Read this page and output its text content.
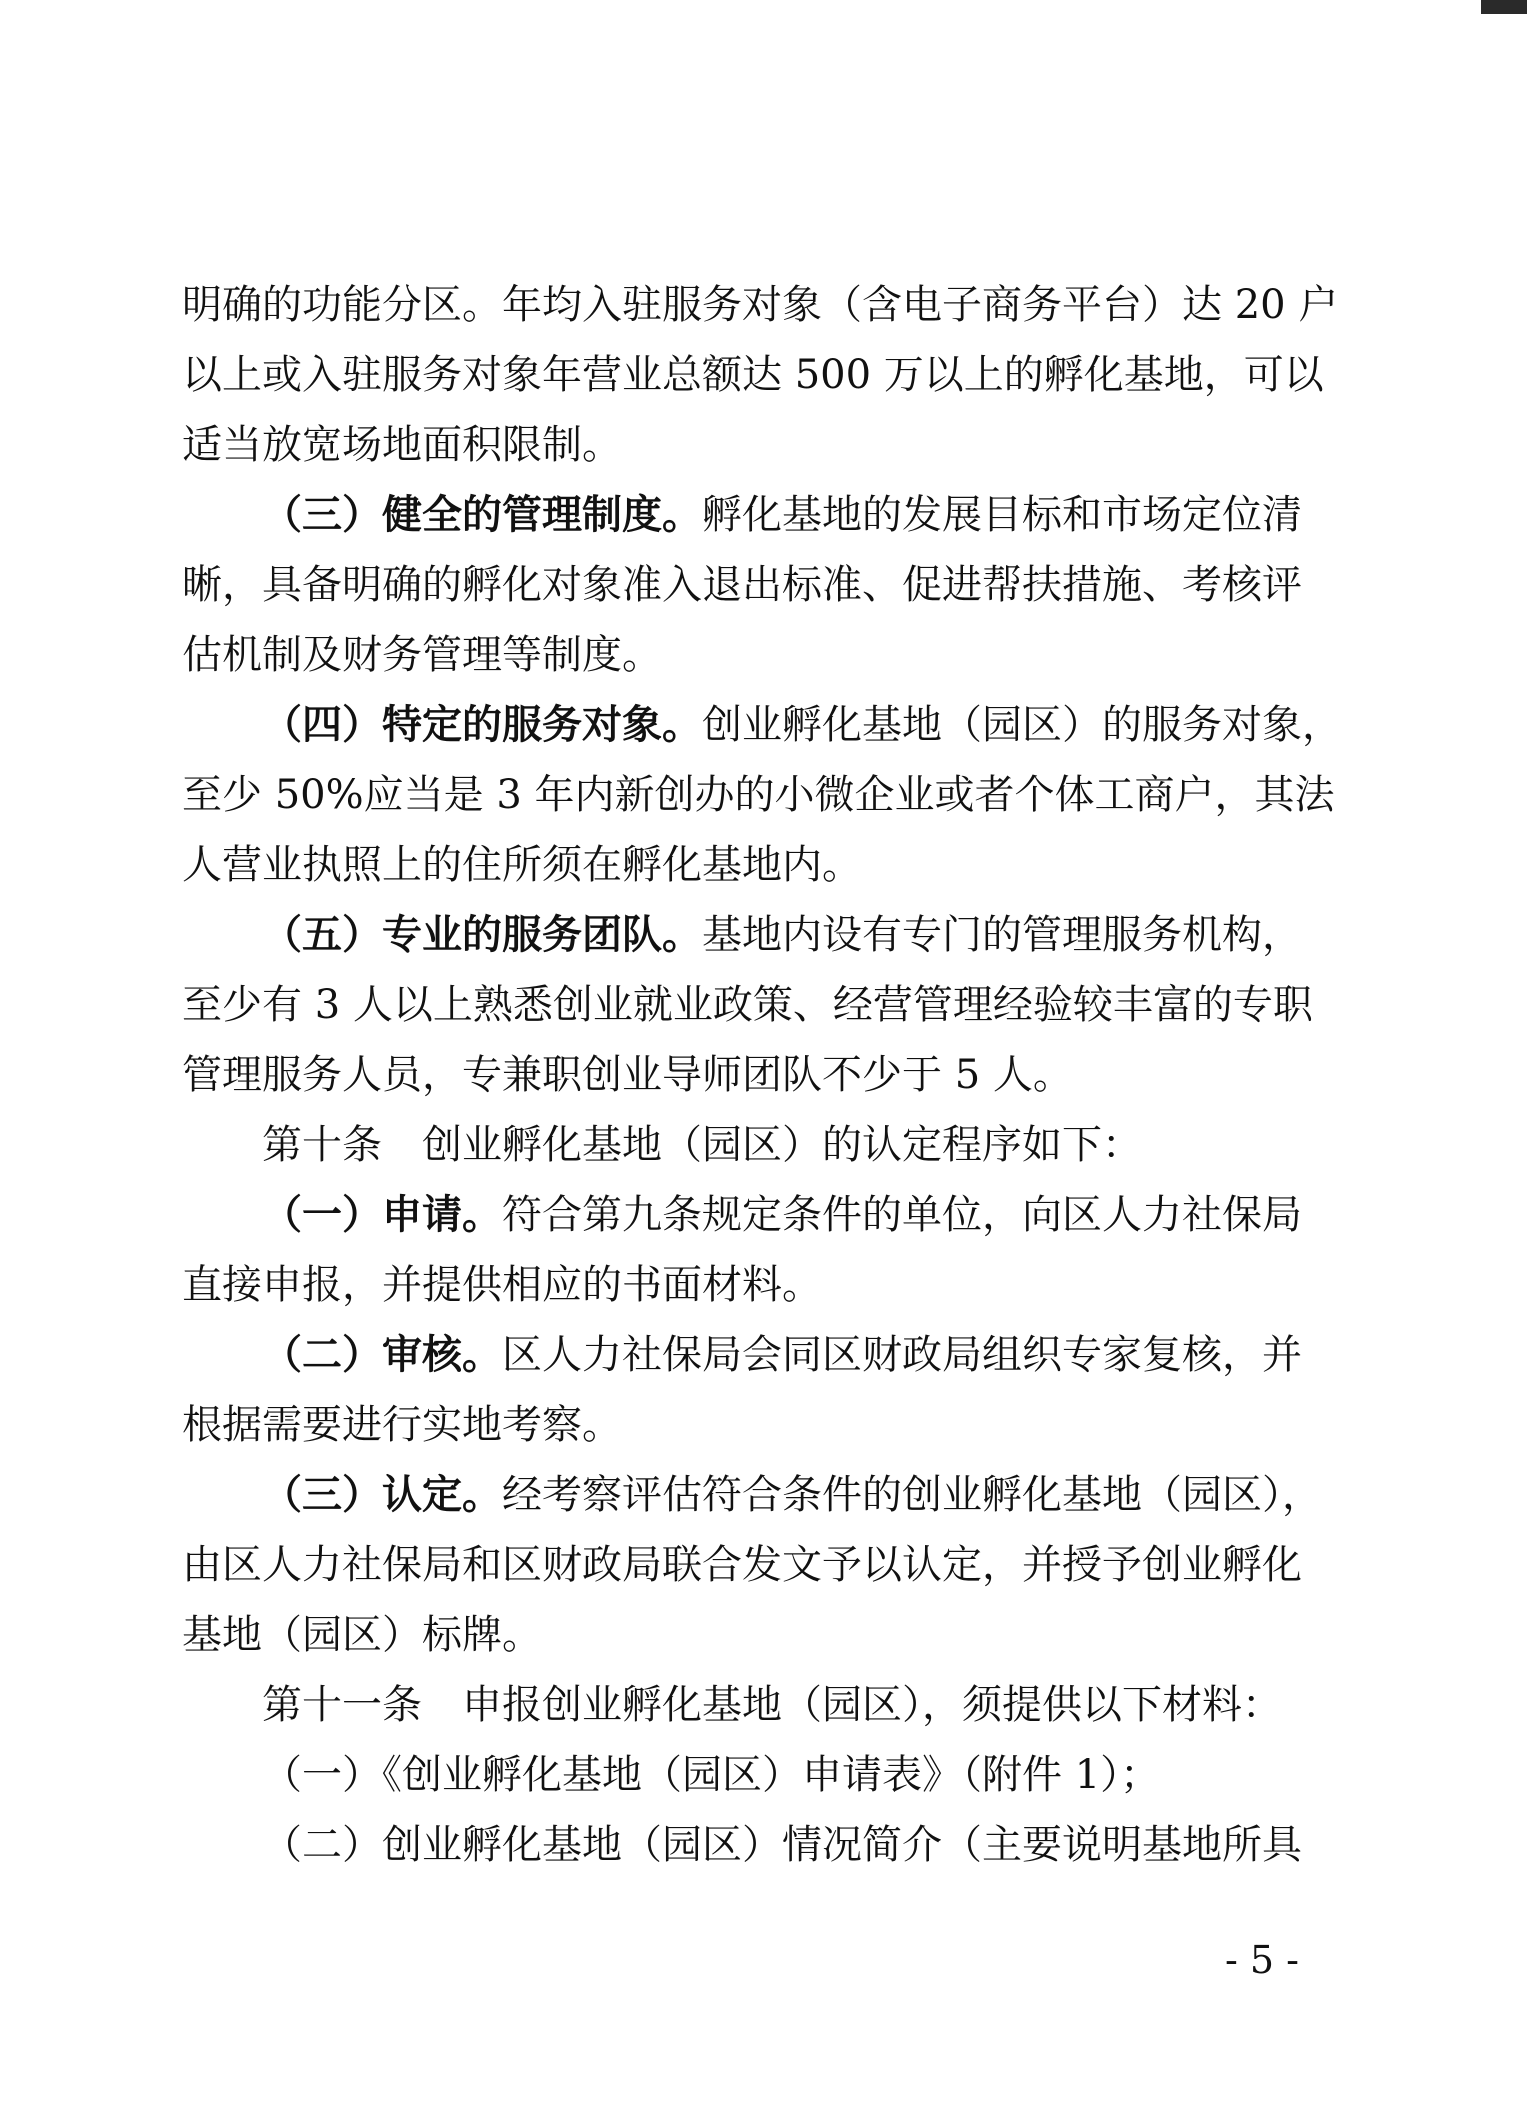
明确的功能分区。年均入驻服务对象（含电子商务平台）达 20 户
以上或入驻服务对象年营业总额达 500 万以上的孵化基地，可以
适当放宽场地面积限制。
（三）健全的管理制度。孵化基地的发展目标和市场定位清
晰，具备明确的孵化对象准入退出标准、促进帮扶措施、考核评
估机制及财务管理等制度。
（四）特定的服务对象。创业孵化基地（园区）的服务对象，
至少 50%应当是 3 年内新创办的小微企业或者个体工商户，其法
人营业执照上的住所须在孵化基地内。
（五）专业的服务团队。基地内设有专门的管理服务机构，
至少有 3 人以上熟悉创业就业政策、经营管理经验较丰富的专职
管理服务人员，专兼职创业导师团队不少于 5 人。
第十条　创业孵化基地（园区）的认定程序如下：
（一）申请。符合第九条规定条件的单位，向区人力社保局
直接申报，并提供相应的书面材料。
（二）审核。区人力社保局会同区财政局组织专家复核，并
根据需要进行实地考察。
（三）认定。经考察评估符合条件的创业孵化基地（园区），
由区人力社保局和区财政局联合发文予以认定，并授予创业孵化
基地（园区）标牌。
第十一条　申报创业孵化基地（园区），须提供以下材料：
（一）《创业孵化基地（园区）申请表》（附件 1）；
（二）创业孵化基地（园区）情况简介（主要说明基地所具
- 5 -
